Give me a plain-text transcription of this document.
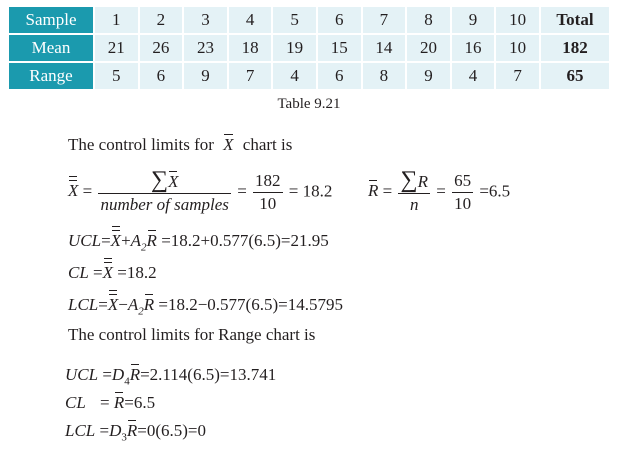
Sample	1	2	3	4	5	6	7	8	9	10	Total
Mean	21	26	23	18	19	15	14	20	16	10	182
Range	5	6	9	7	4	6	8	9	4	7	65
Table 9.21
The control limits for X chart is
$X = \frac{\sum X}{\text{number of samples}} = \frac{182}{10} = 18.2$ $R = \frac{\sum R}{n} = \frac{65}{10} =6.5$
$UCL=X+A_2R =18.2+0.577(6.5)=21.95$
CL =X =18.2
$LCL=X-A_2R =18.2-0.577(6.5)=14.5795$
The control limits for Range chart is
UCL $=D_4R=2.114(6.5)=13.741$
CL = R=6.5
LCL $=D_3R=0(6.5)=0$
